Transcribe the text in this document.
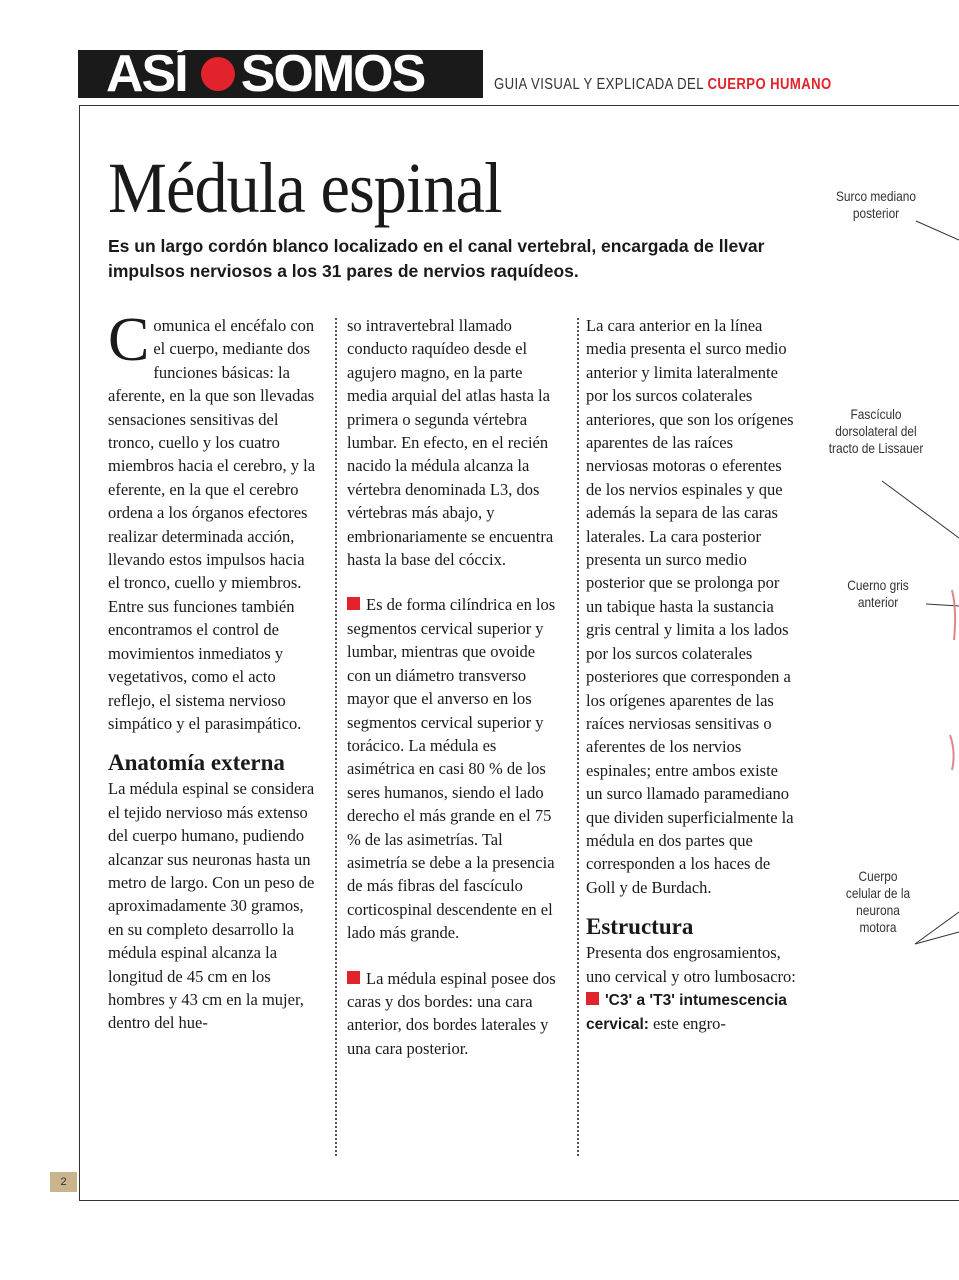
ASÍ SOMOS	GUIA VISUAL Y EXPLICADA DEL CUERPO HUMANO
2
Médula espinal
Es un largo cordón blanco localizado en el canal vertebral, encargada de llevar impulsos nerviosos a los 31 pares de nervios raquídeos.

Comunica el encéfalo con el cuerpo, mediante dos funciones básicas: la aferente, en la que son llevadas sensaciones sensitivas del tronco, cuello y los cuatro miembros hacia el cerebro, y la eferente, en la que el cerebro ordena a los órganos efectores realizar determinada acción, llevando estos impulsos hacia el tronco, cuello y miembros. Entre sus funciones también encontramos el control de movimientos inmediatos y vegetativos, como el acto reflejo, el sistema nervioso simpático y el parasimpático.

Anatomía externa

La médula espinal se considera el tejido nervioso más extenso del cuerpo humano, pudiendo alcanzar sus neuronas hasta un metro de largo. Con un peso de aproximadamente 30 gramos, en su completo desarrollo la médula espinal alcanza la longitud de 45 cm en los hombres y 43 cm en la mujer, dentro del hue-

so intravertebral llamado conducto raquídeo desde el agujero magno, en la parte media arquial del atlas hasta la primera o segunda vértebra lumbar. En efecto, en el recién nacido la médula alcanza la vértebra denominada L3, dos vértebras más abajo, y embrionariamente se encuentra hasta la base del cóccix.

Es de forma cilíndrica en los segmentos cervical superior y lumbar, mientras que ovoide con un diámetro transverso mayor que el anverso en los segmentos cervical superior y torácico. La médula es asimétrica en casi 80 % de los seres humanos, siendo el lado derecho el más grande en el 75 % de las asimetrías. Tal asimetría se debe a la presencia de más fibras del fascículo corticospinal descendente en el lado más grande.

La médula espinal posee dos caras y dos bordes: una cara anterior, dos bordes laterales y una cara posterior.

La cara anterior en la línea media presenta el surco medio anterior y limita lateralmente por los surcos colaterales anteriores, que son los orígenes aparentes de las raíces nerviosas motoras o eferentes de los nervios espinales y que además la separa de las caras laterales. La cara posterior presenta un surco medio posterior que se prolonga por un tabique hasta la sustancia gris central y limita a los lados por los surcos colaterales posteriores que corresponden a los orígenes aparentes de las raíces nerviosas sensitivas o aferentes de los nervios espinales; entre ambos existe un surco llamado paramediano que dividen superficialmente la médula en dos partes que corresponden a los haces de Goll y de Burdach.

Estructura

Presenta dos engrosamientos, uno cervical y otro lumbosacro:

'C3' a 'T3' intumescencia cervical: este engro-

Surco mediano posterior
Fascículo dorsolateral del tracto de Lissauer
Cuerno gris anterior
Cuerpo celular de la neurona motora
